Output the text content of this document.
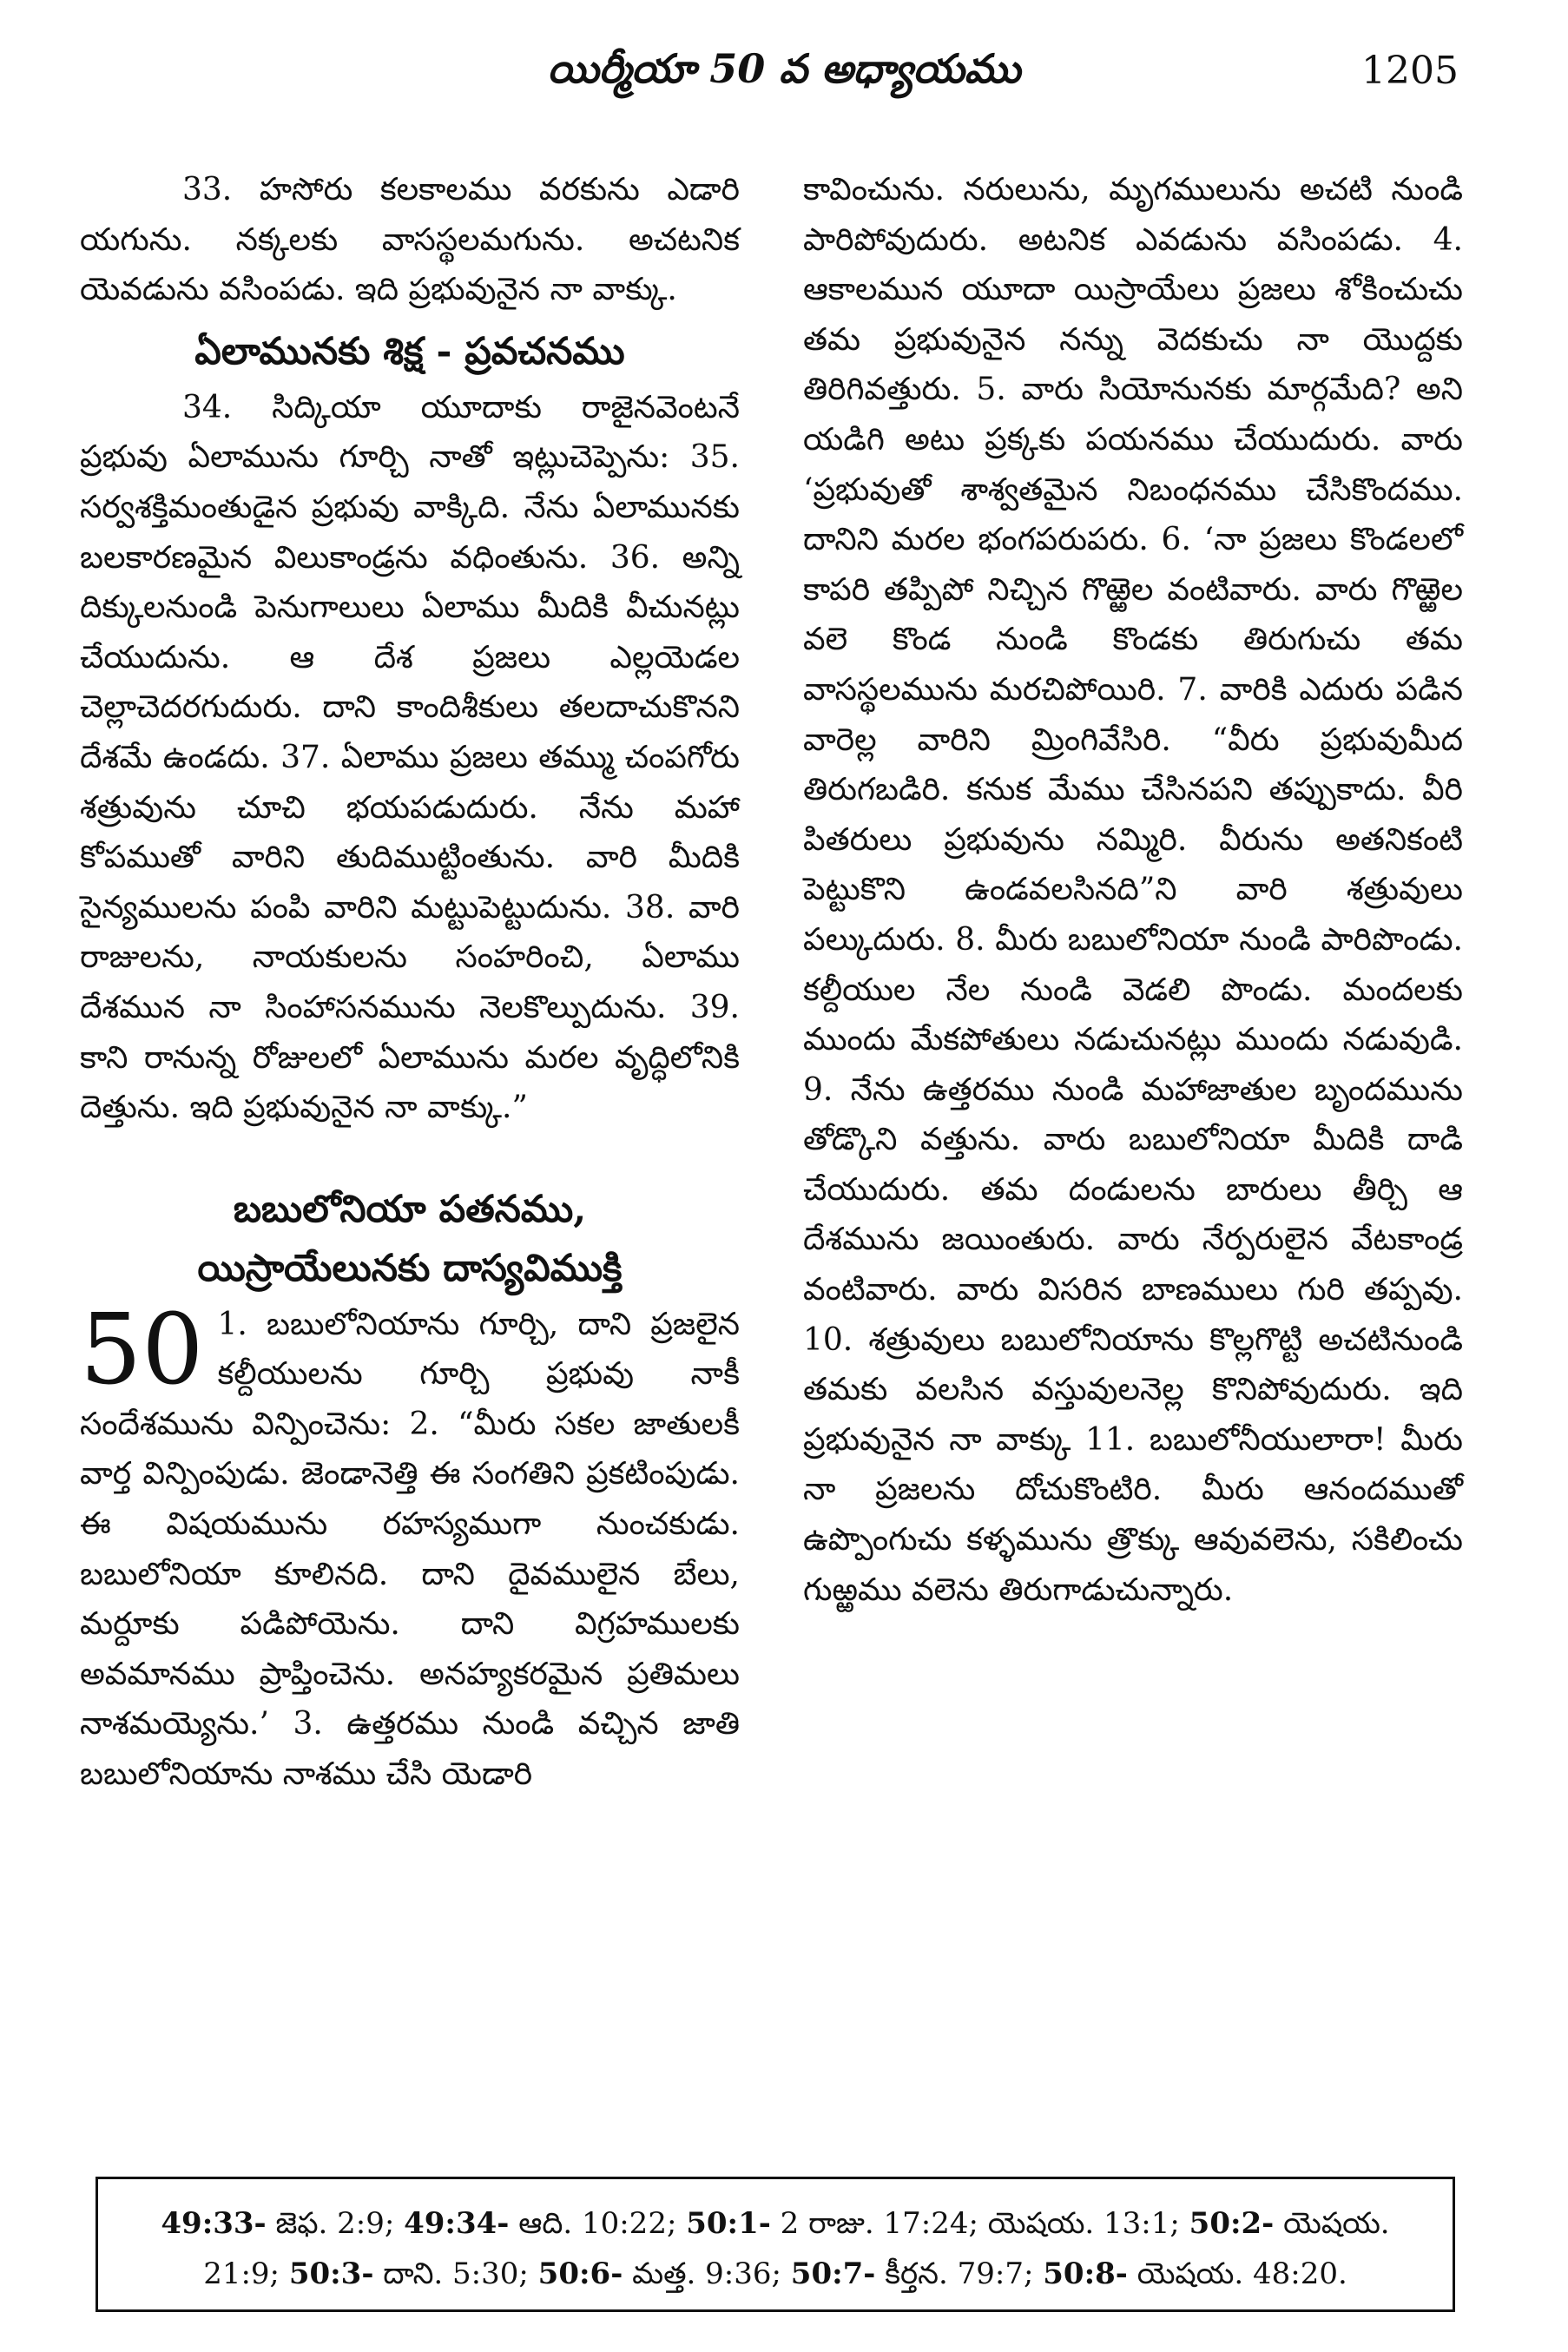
యిర్మీయా 50 వ అధ్యాయము	1205

33. హసోరు కలకాలము వరకును ఎడారి యగును. నక్కలకు వాసస్థలమగును. అచటనిక యెవడును వసింపడు. ఇది ప్రభువునైన నా వాక్కు.

ఏలామునకు శిక్ష - ప్రవచనము

34. సిద్కియా యూదాకు రాజైనవెంటనే ప్రభువు ఏలామును గూర్చి నాతో ఇట్లుచెప్పెను: 35. సర్వశక్తిమంతుడైన ప్రభువు వాక్కిది. నేను ఏలామునకు బలకారణమైన విలుకాండ్రను వధింతును. 36. అన్ని దిక్కులనుండి పెనుగాలులు ఏలాము మీదికి వీచునట్లు చేయుదును. ఆ దేశ ప్రజలు ఎల్లయెడల చెల్లాచెదరగుదురు. దాని కాందిశీకులు తలదాచుకొనని దేశమే ఉండదు. 37. ఏలాము ప్రజలు తమ్ము చంపగోరు శత్రువును చూచి భయపడుదురు. నేను మహా కోపముతో వారిని తుదిముట్టింతును. వారి మీదికి సైన్యములను పంపి వారిని మట్టుపెట్టుదును. 38. వారి రాజులను, నాయకులను సంహరించి, ఏలాము దేశమున నా సింహాసనమును నెలకొల్పుదును. 39. కాని రానున్న రోజులలో ఏలామును మరల వృద్ధిలోనికి దెత్తును. ఇది ప్రభువునైన నా వాక్కు.”

బబులోనియా పతనము,
యిస్రాయేలునకు దాస్యవిముక్తి

50 1. బబులోనియాను గూర్చి, దాని ప్రజలైన కల్దీయులను గూర్చి ప్రభువు నాకీ సందేశమును విన్పించెను: 2. “మీరు సకల జాతులకీ వార్త విన్పింపుడు. జెండానెత్తి ఈ సంగతిని ప్రకటింపుడు. ఈ విషయమును రహస్యముగా నుంచకుడు. బబులోనియా కూలినది. దాని దైవములైన బేలు, మర్దూకు పడిపోయెను. దాని విగ్రహములకు అవమానము ప్రాప్తించెను. అనహ్యకరమైన ప్రతిమలు నాశమయ్యెను.’ 3. ఉత్తరము నుండి వచ్చిన జాతి బబులోనియాను నాశము చేసి యెడారి

కావించును. నరులును, మృగములును అచటి నుండి పారిపోవుదురు. అటనిక ఎవడును వసింపడు. 4. ఆకాలమున యూదా యిస్రాయేలు ప్రజలు శోకించుచు తమ ప్రభువునైన నన్ను వెదకుచు నా యొద్దకు తిరిగివత్తురు. 5. వారు సియోనునకు మార్గమేది? అని యడిగి అటు ప్రక్కకు పయనము చేయుదురు. వారు ‘ప్రభువుతో శాశ్వతమైన నిబంధనము చేసికొందము. దానిని మరల భంగపరుపరు. 6. ‘నా ప్రజలు కొండలలో కాపరి తప్పిపో నిచ్చిన గొఱ్ఱెల వంటివారు. వారు గొఱ్ఱెల వలె కొండ నుండి కొండకు తిరుగుచు తమ వాసస్థలమును మరచిపోయిరి. 7. వారికి ఎదురు పడిన వారెల్ల వారిని మ్రింగివేసిరి. “వీరు ప్రభువుమీద తిరుగబడిరి. కనుక మేము చేసినపని తప్పుకాదు. వీరి పితరులు ప్రభువును నమ్మిరి. వీరును అతనికంటి పెట్టుకొని ఉండవలసినది”ని వారి శత్రువులు పల్కుదురు. 8. మీరు బబులోనియా నుండి పారిపొండు. కల్దీయుల నేల నుండి వెడలి పొండు. మందలకు ముందు మేకపోతులు నడుచునట్లు ముందు నడువుడి. 9. నేను ఉత్తరము నుండి మహాజాతుల బృందమును తోడ్కొని వత్తును. వారు బబులోనియా మీదికి దాడి చేయుదురు. తమ దండులను బారులు తీర్చి ఆ దేశమును జయింతురు. వారు నేర్పరులైన వేటకాండ్ర వంటివారు. వారు విసరిన బాణములు గురి తప్పవు. 10. శత్రువులు బబులోనియాను కొల్లగొట్టి అచటినుండి తమకు వలసిన వస్తువులనెల్ల కొనిపోవుదురు. ఇది ప్రభువునైన నా వాక్కు 11. బబులోనీయులారా! మీరు నా ప్రజలను దోచుకొంటిరి. మీరు ఆనందముతో ఉప్పొంగుచు కళ్ళమును త్రొక్కు ఆవువలెను, సకిలించు గుఱ్ఱము వలెను తిరుగాడుచున్నారు.

49:33- జెఫ. 2:9; 49:34- ఆది. 10:22; 50:1- 2 రాజు. 17:24; యెషయ. 13:1; 50:2- యెషయ. 21:9; 50:3- దాని. 5:30; 50:6- మత్త. 9:36; 50:7- కీర్తన. 79:7; 50:8- యెషయ. 48:20.
